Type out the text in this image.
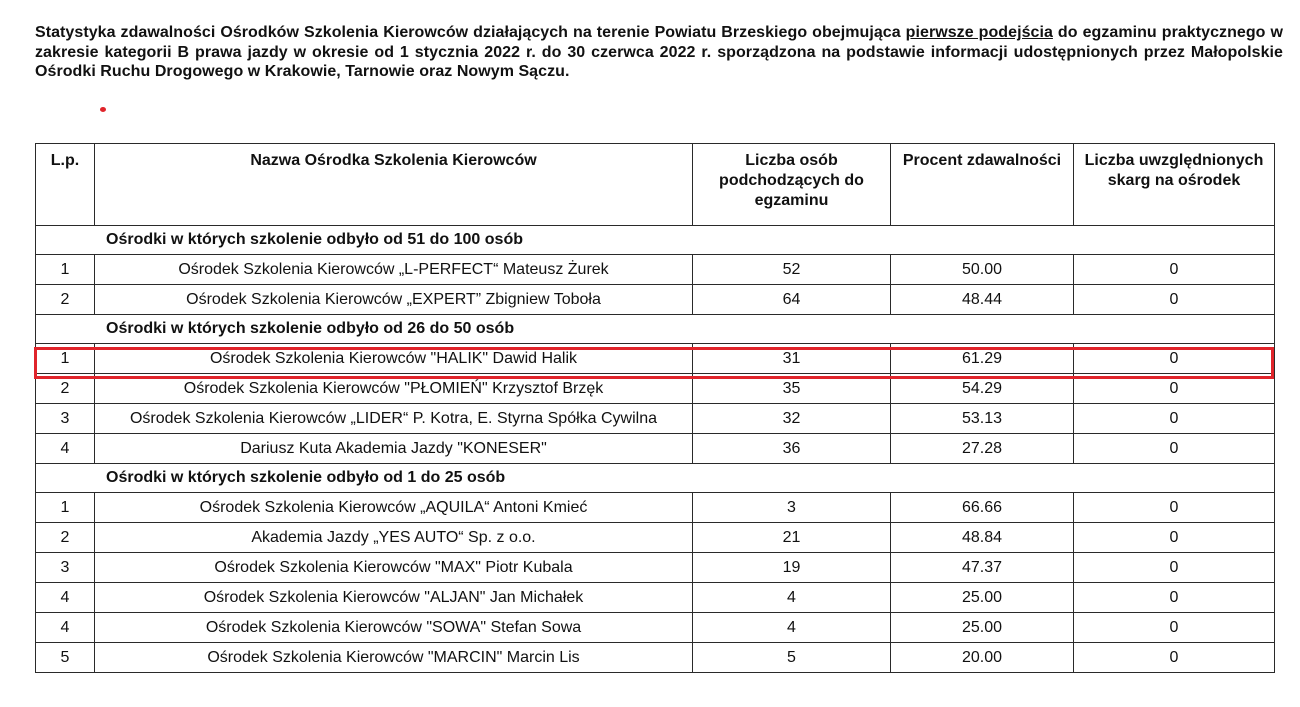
Statystyka zdawalności Ośrodków Szkolenia Kierowców działających na terenie Powiatu Brzeskiego obejmująca pierwsze podejścia do egzaminu praktycznego w zakresie kategorii B prawa jazdy w okresie od 1 stycznia 2022 r. do 30 czerwca 2022 r. sporządzona na podstawie informacji udostępnionych przez Małopolskie Ośrodki Ruchu Drogowego w Krakowie, Tarnowie oraz Nowym Sączu.
L.p.	Nazwa Ośrodka Szkolenia Kierowców	Liczba osób podchodzących do egzaminu	Procent zdawalności	Liczba uwzględnionych skarg na ośrodek
Ośrodki w których szkolenie odbyło od 51 do 100 osób				
1	Ośrodek Szkolenia Kierowców „L-PERFECT“ Mateusz Żurek	52	50.00	0
2	Ośrodek Szkolenia Kierowców „EXPERT” Zbigniew Toboła	64	48.44	0
Ośrodki w których szkolenie odbyło od 26 do 50 osób				
1	Ośrodek Szkolenia Kierowców "HALIK" Dawid Halik	31	61.29	0
2	Ośrodek Szkolenia Kierowców "PŁOMIEŃ" Krzysztof Brzęk	35	54.29	0
3	Ośrodek Szkolenia Kierowców „LIDER“ P. Kotra, E. Styrna Spółka Cywilna	32	53.13	0
4	Dariusz Kuta Akademia Jazdy "KONESER"	36	27.28	0
Ośrodki w których szkolenie odbyło od 1 do 25 osób				
1	Ośrodek Szkolenia Kierowców „AQUILA“ Antoni Kmieć	3	66.66	0
2	Akademia Jazdy „YES AUTO“ Sp. z o.o.	21	48.84	0
3	Ośrodek Szkolenia Kierowców "MAX" Piotr Kubala	19	47.37	0
4	Ośrodek Szkolenia Kierowców "ALJAN" Jan Michałek	4	25.00	0
4	Ośrodek Szkolenia Kierowców "SOWA" Stefan Sowa	4	25.00	0
5	Ośrodek Szkolenia Kierowców "MARCIN" Marcin Lis	5	20.00	0
